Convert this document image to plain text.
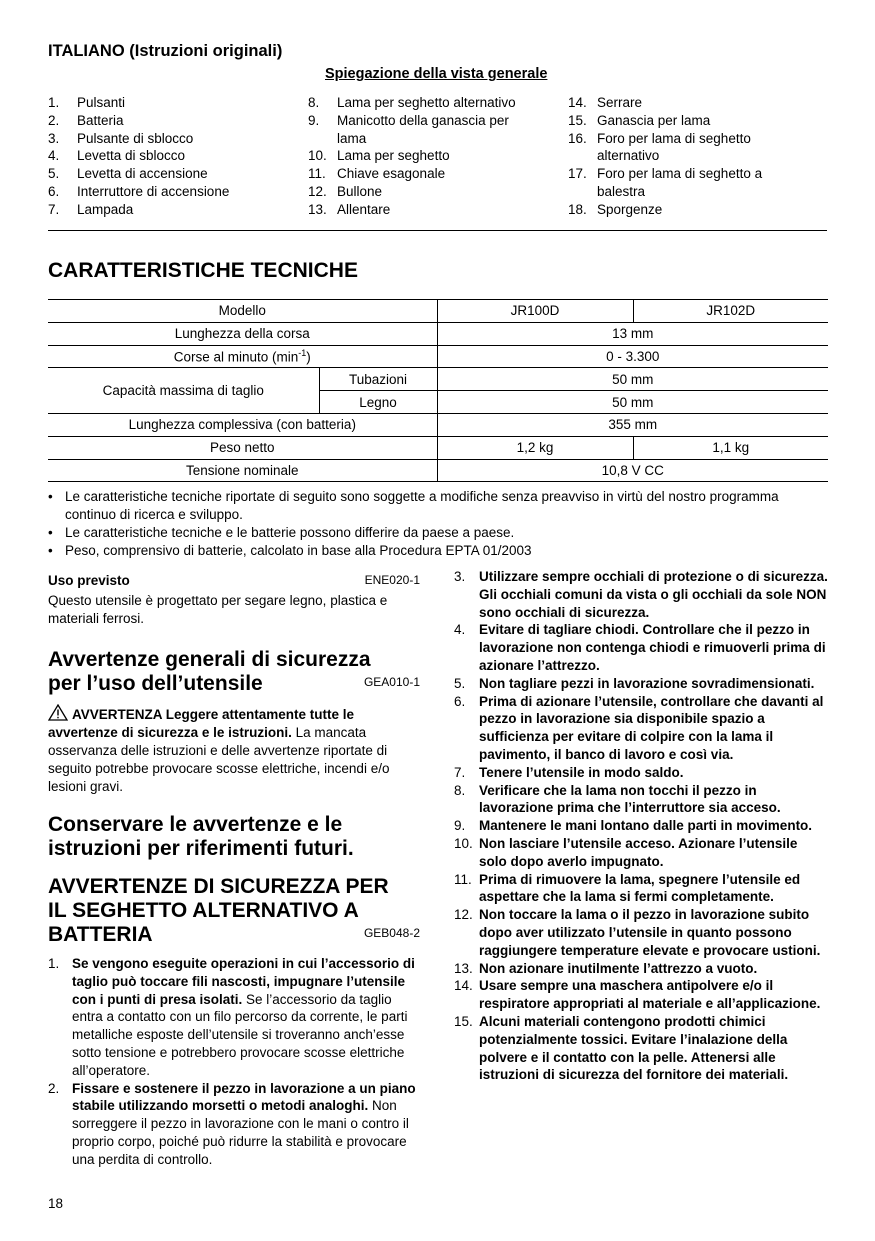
ITALIANO (Istruzioni originali)
Spiegazione della vista generale
1.	Pulsanti
2.	Batteria
3.	Pulsante di sblocco
4.	Levetta di sblocco
5.	Levetta di accensione
6.	Interruttore di accensione
7.	Lampada
8.	Lama per seghetto alternativo
9.	Manicotto della ganascia per lama
10. Lama per seghetto
11. Chiave esagonale
12. Bullone
13. Allentare
14. Serrare
15. Ganascia per lama
16. Foro per lama di seghetto alternativo
17. Foro per lama di seghetto a balestra
18. Sporgenze
CARATTERISTICHE TECNICHE
Modello		JR100D	JR102D
Lunghezza della corsa		13 mm	
Corse al minuto $(\min^{-1})$		0 - 3.300	
Capacità massima di taglio	Tubazioni	50 mm	
	Legno	50 mm	
Lunghezza complessiva (con batteria)		355 mm	
Peso netto		1,2 kg	1,1 kg
Tensione nominale		10,8 V CC	
• Le caratteristiche tecniche riportate di seguito sono soggette a modifiche senza preavviso in virtù del nostro programma continuo di ricerca e sviluppo.
• Le caratteristiche tecniche e le batterie possono differire da paese a paese.
• Peso, comprensivo di batterie, calcolato in base alla Procedura EPTA 01/2003
Uso previsto	ENE020-1
Questo utensile è progettato per segare legno, plastica e materiali ferrosi.
Avvertenze generali di sicurezza
per l’uso dell’utensile	GEA010-1
AVVERTENZA Leggere attentamente tutte le avvertenze di sicurezza e le istruzioni. La mancata osservanza delle istruzioni e delle avvertenze riportate di seguito potrebbe provocare scosse elettriche, incendi e/o lesioni gravi.
Conservare le avvertenze e le
istruzioni per riferimenti futuri.
AVVERTENZE DI SICUREZZA PER
IL SEGHETTO ALTERNATIVO A
BATTERIA	GEB048-2
1. Se vengono eseguite operazioni in cui l’accessorio di taglio può toccare fili nascosti, impugnare l’utensile con i punti di presa isolati. Se l’accessorio da taglio entra a contatto con un filo percorso da corrente, le parti metalliche esposte dell’utensile si troveranno anch’esse sotto tensione e potrebbero provocare scosse elettriche all’operatore.
2. Fissare e sostenere il pezzo in lavorazione a un piano stabile utilizzando morsetti o metodi analoghi. Non sorreggere il pezzo in lavorazione con le mani o contro il proprio corpo, poiché può ridurre la stabilità e provocare una perdita di controllo.
3.	Utilizzare sempre occhiali di protezione o di sicurezza. Gli occhiali comuni da vista o gli occhiali da sole NON sono occhiali di sicurezza.
4.	Evitare di tagliare chiodi. Controllare che il pezzo in lavorazione non contenga chiodi e rimuoverli prima di azionare l’attrezzo.
5.	Non tagliare pezzi in lavorazione sovradimensionati.
6.	Prima di azionare l’utensile, controllare che davanti al pezzo in lavorazione sia disponibile spazio a sufficienza per evitare di colpire con la lama il pavimento, il banco di lavoro e così via.
7.	Tenere l’utensile in modo saldo.
8.	Verificare che la lama non tocchi il pezzo in lavorazione prima che l’interruttore sia acceso.
9.	Mantenere le mani lontano dalle parti in movimento.
10. Non lasciare l’utensile acceso. Azionare l’utensile solo dopo averlo impugnato.
11. Prima di rimuovere la lama, spegnere l’utensile ed aspettare che la lama si fermi completamente.
12. Non toccare la lama o il pezzo in lavorazione subito dopo aver utilizzato l’utensile in quanto possono raggiungere temperature elevate e provocare ustioni.
13. Non azionare inutilmente l’attrezzo a vuoto.
14. Usare sempre una maschera antipolvere e/o il respiratore appropriati al materiale e all’applicazione.
15. Alcuni materiali contengono prodotti chimici potenzialmente tossici. Evitare l’inalazione della polvere e il contatto con la pelle. Attenersi alle istruzioni di sicurezza del fornitore dei materiali.
18
